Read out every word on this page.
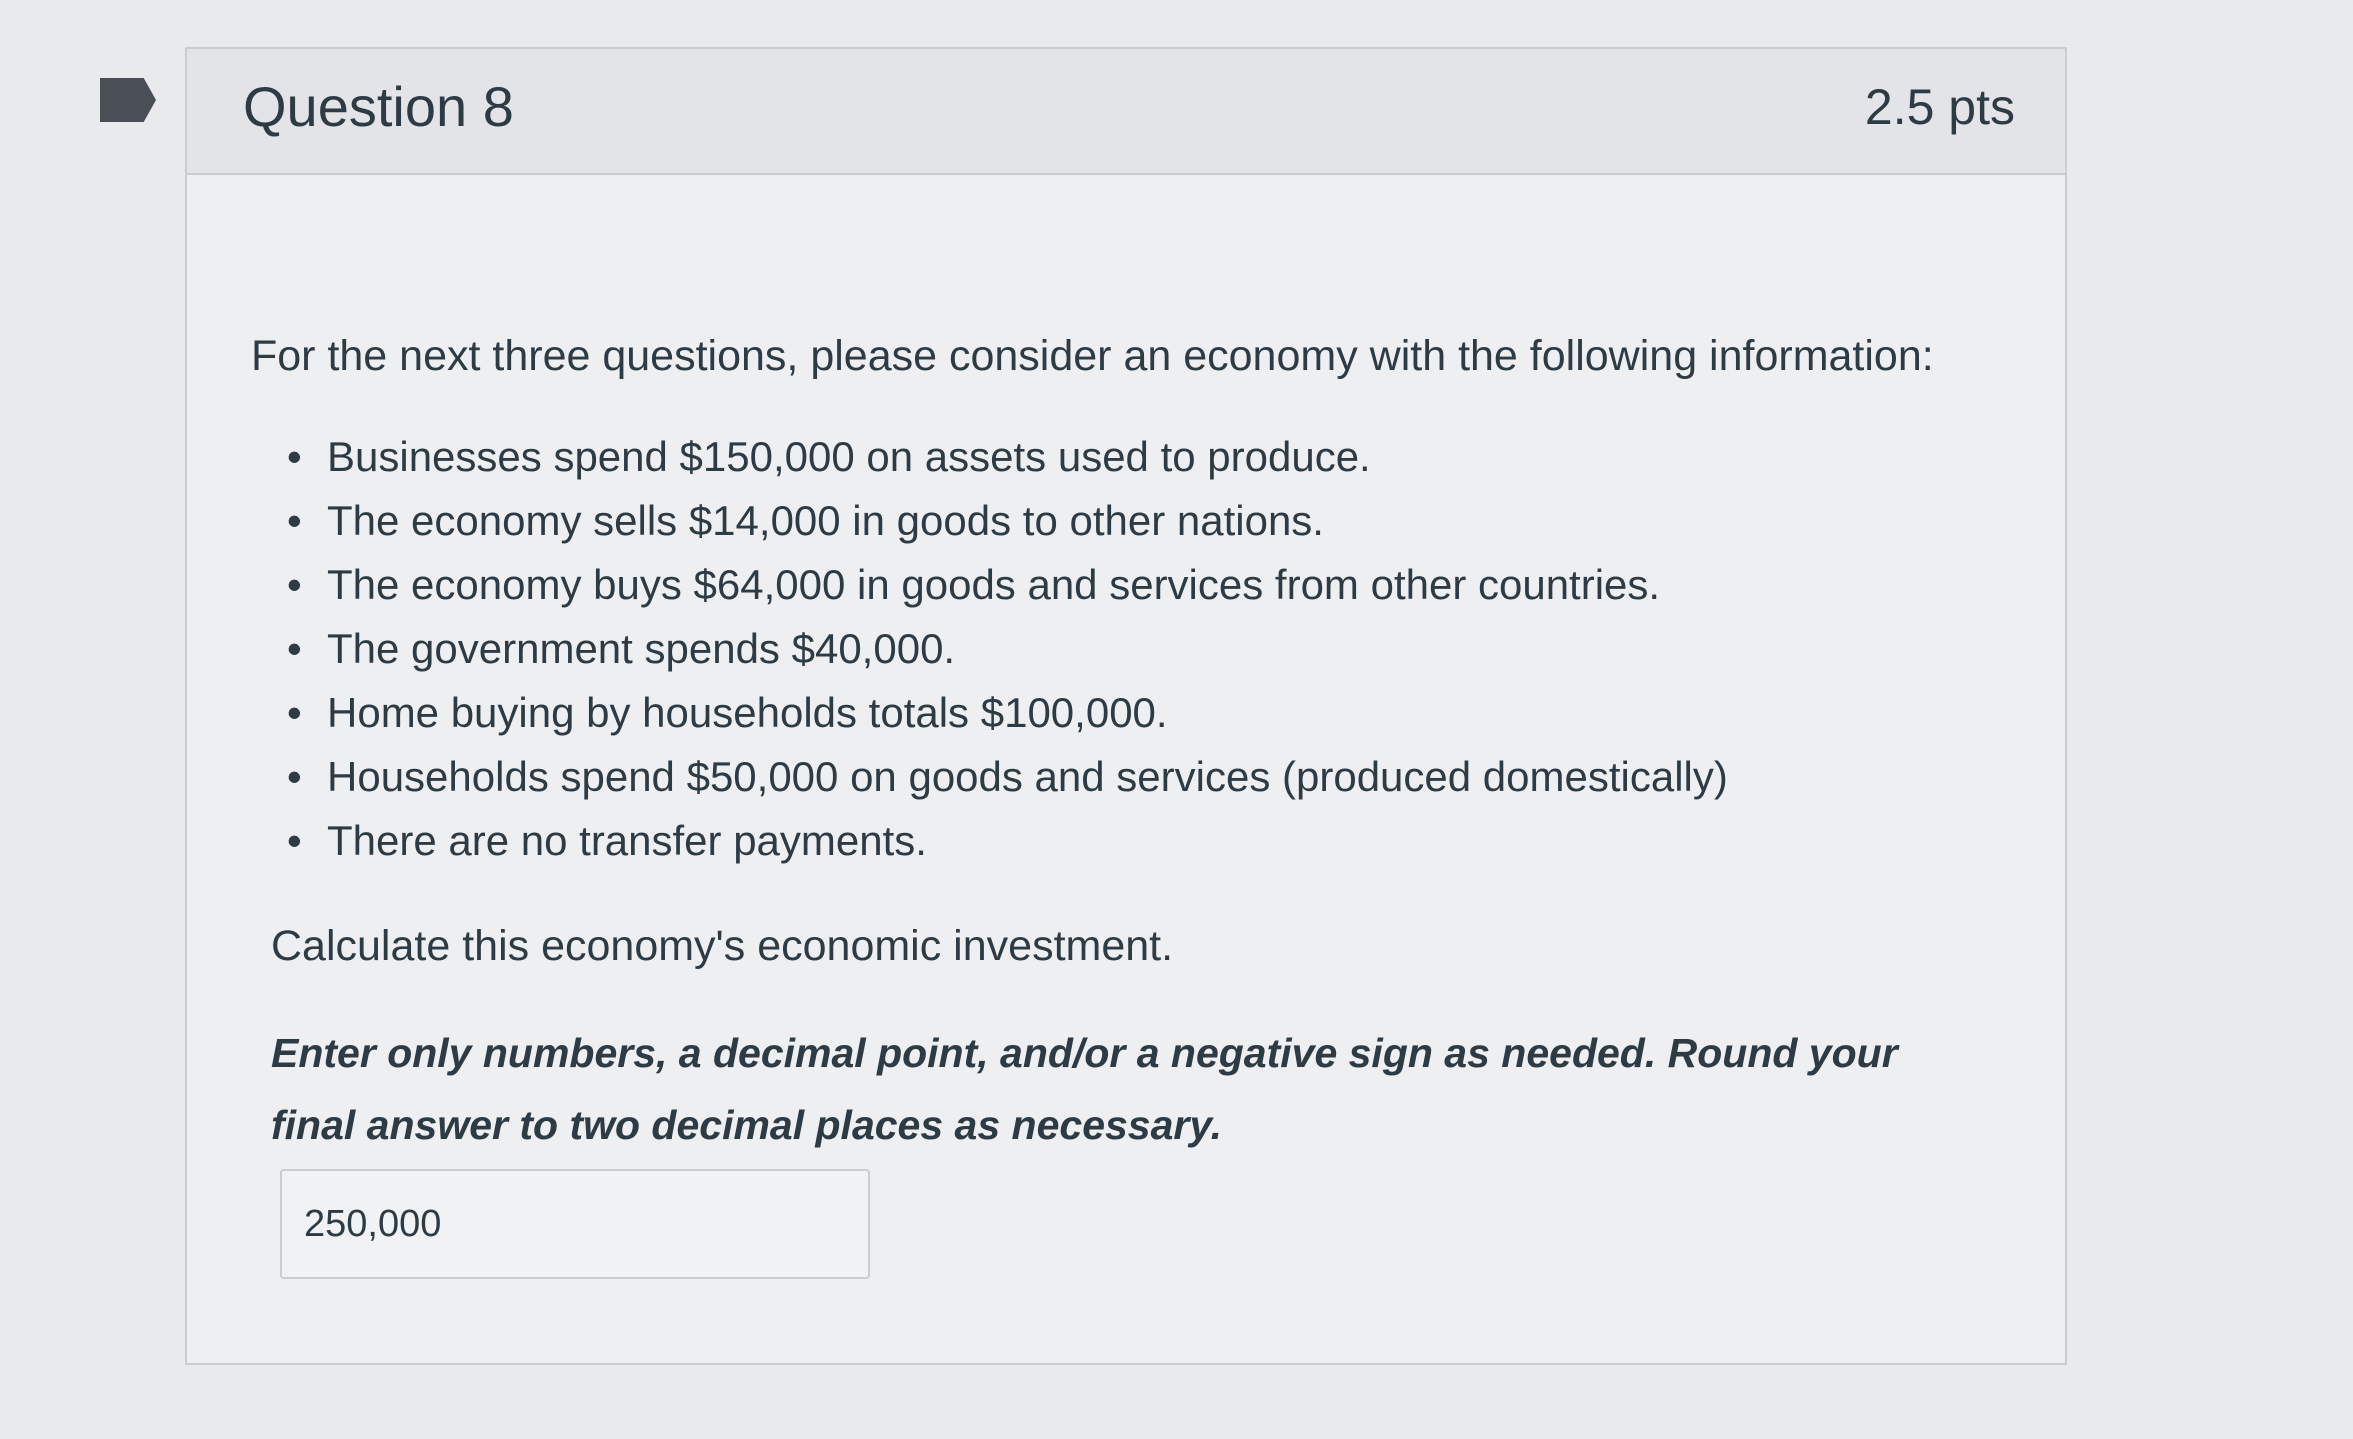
Question 8	2.5 pts

For the next three questions, please consider an economy with the following information:

• Businesses spend $150,000 on assets used to produce.
• The economy sells $14,000 in goods to other nations.
• The economy buys $64,000 in goods and services from other countries.
• The government spends $40,000.
• Home buying by households totals $100,000.
• Households spend $50,000 on goods and services (produced domestically)
• There are no transfer payments.

Calculate this economy's economic investment.

Enter only numbers, a decimal point, and/or a negative sign as needed. Round your final answer to two decimal places as necessary.

250,000
